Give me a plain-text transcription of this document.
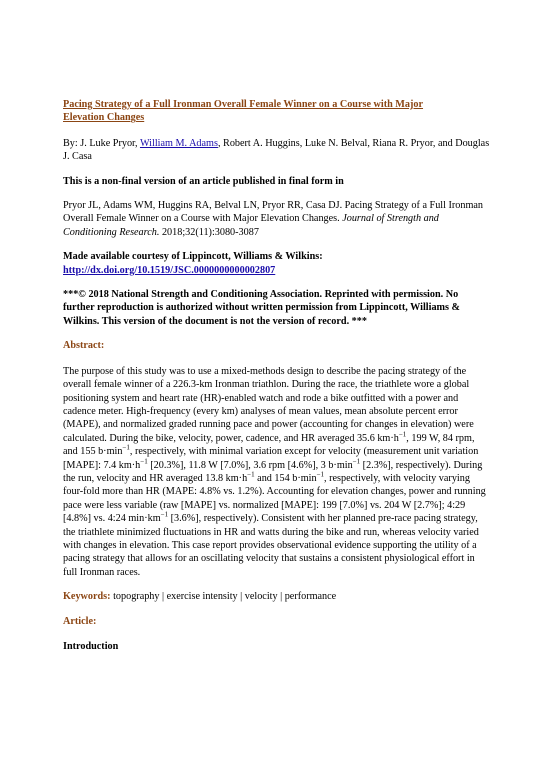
Pacing Strategy of a Full Ironman Overall Female Winner on a Course with Major
Elevation Changes

By: J. Luke Pryor, William M. Adams, Robert A. Huggins, Luke N. Belval, Riana R. Pryor, and Douglas J. Casa

This is a non-final version of an article published in final form in

Pryor JL, Adams WM, Huggins RA, Belval LN, Pryor RR, Casa DJ. Pacing Strategy of a Full Ironman Overall Female Winner on a Course with Major Elevation Changes. Journal of Strength and Conditioning Research. 2018;32(11):3080-3087

Made available courtesy of Lippincott, Williams & Wilkins:
http://dx.doi.org/10.1519/JSC.0000000000002807

***© 2018 National Strength and Conditioning Association. Reprinted with permission. No further reproduction is authorized without written permission from Lippincott, Williams & Wilkins. This version of the document is not the version of record. ***

Abstract:

The purpose of this study was to use a mixed-methods design to describe the pacing strategy of the overall female winner of a 226.3-km Ironman triathlon. During the race, the triathlete wore a global positioning system and heart rate (HR)-enabled watch and rode a bike outfitted with a power and cadence meter. High-frequency (every km) analyses of mean values, mean absolute percent error (MAPE), and normalized graded running pace and power (accounting for changes in elevation) were calculated. During the bike, velocity, power, cadence, and HR averaged 35.6 $km\cdot h^{-1}$, 199 W, 84 rpm, and 155 $b\cdot\min^{-1}$, respectively, with minimal variation except for velocity (measurement unit variation [MAPE]: 7.4 $km\cdot h^{-1}$ [20.3%], 11.8 W [7.0%], 3.6 rpm [4.6%], 3 $b\cdot\min^{-1}$ [2.3%], respectively). During the run, velocity and HR averaged 13.8 $km\cdot h^{-1}$ and 154 $b\cdot\min^{-1}$, respectively, with velocity varying four-fold more than HR (MAPE: 4.8% vs. 1.2%). Accounting for elevation changes, power and running pace were less variable (raw [MAPE] vs. normalized [MAPE]: 199 [7.0%] vs. 204 W [2.7%]; 4:29 [4.8%] vs. 4:24 $\min\cdot km^{-1}$ [3.6%], respectively). Consistent with her planned pre-race pacing strategy, the triathlete minimized fluctuations in HR and watts during the bike and run, whereas velocity varied with changes in elevation. This case report provides observational evidence supporting the utility of a pacing strategy that allows for an oscillating velocity that sustains a consistent physiological effort in full Ironman races.

Keywords: topography | exercise intensity | velocity | performance

Article:
Introduction
